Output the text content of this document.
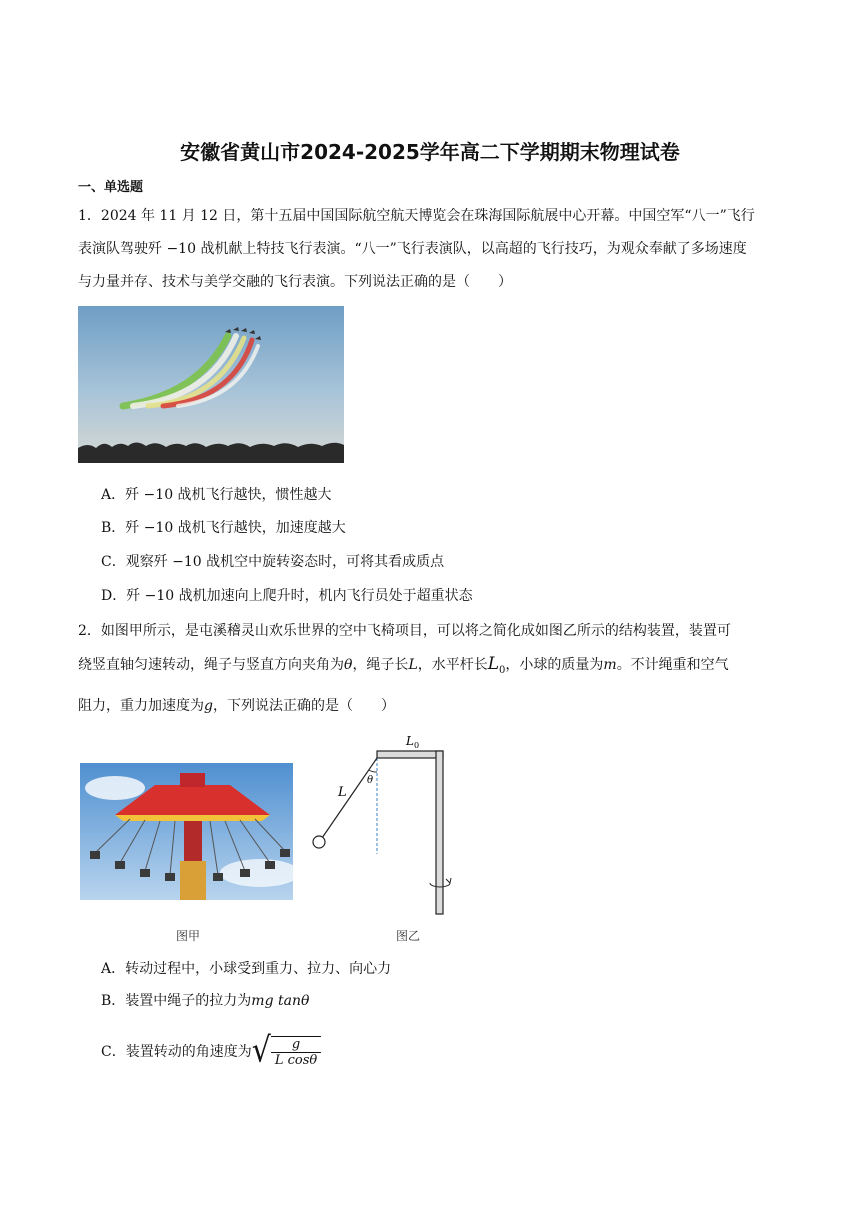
安徽省黄山市2024-2025学年高二下学期期末物理试卷
一、单选题
1．2024 年 11 月 12 日，第十五届中国国际航空航天博览会在珠海国际航展中心开幕。中国空军“八一”飞行
表演队驾驶歼 −10 战机献上特技飞行表演。“八一”飞行表演队，以高超的飞行技巧，为观众奉献了多场速度
与力量并存、技术与美学交融的飞行表演。下列说法正确的是（　　）
A．歼 −10 战机飞行越快，惯性越大
B．歼 −10 战机飞行越快，加速度越大
C．观察歼 −10 战机空中旋转姿态时，可将其看成质点
D．歼 −10 战机加速向上爬升时，机内飞行员处于超重状态
2．如图甲所示，是屯溪稽灵山欢乐世界的空中飞椅项目，可以将之简化成如图乙所示的结构装置，装置可
绕竖直轴匀速转动，绳子与竖直方向夹角为θ，绳子长L，水平杆长$L_0$，小球的质量为m。不计绳重和空气
阻力，重力加速度为g，下列说法正确的是（　　）
$L_0$
L
θ
图甲	图乙
A．转动过程中，小球受到重力、拉力、向心力
B．装置中绳子的拉力为mg tanθ
C．装置转动的角速度为 √ $\frac{g}{\text{L cosθ}}$
